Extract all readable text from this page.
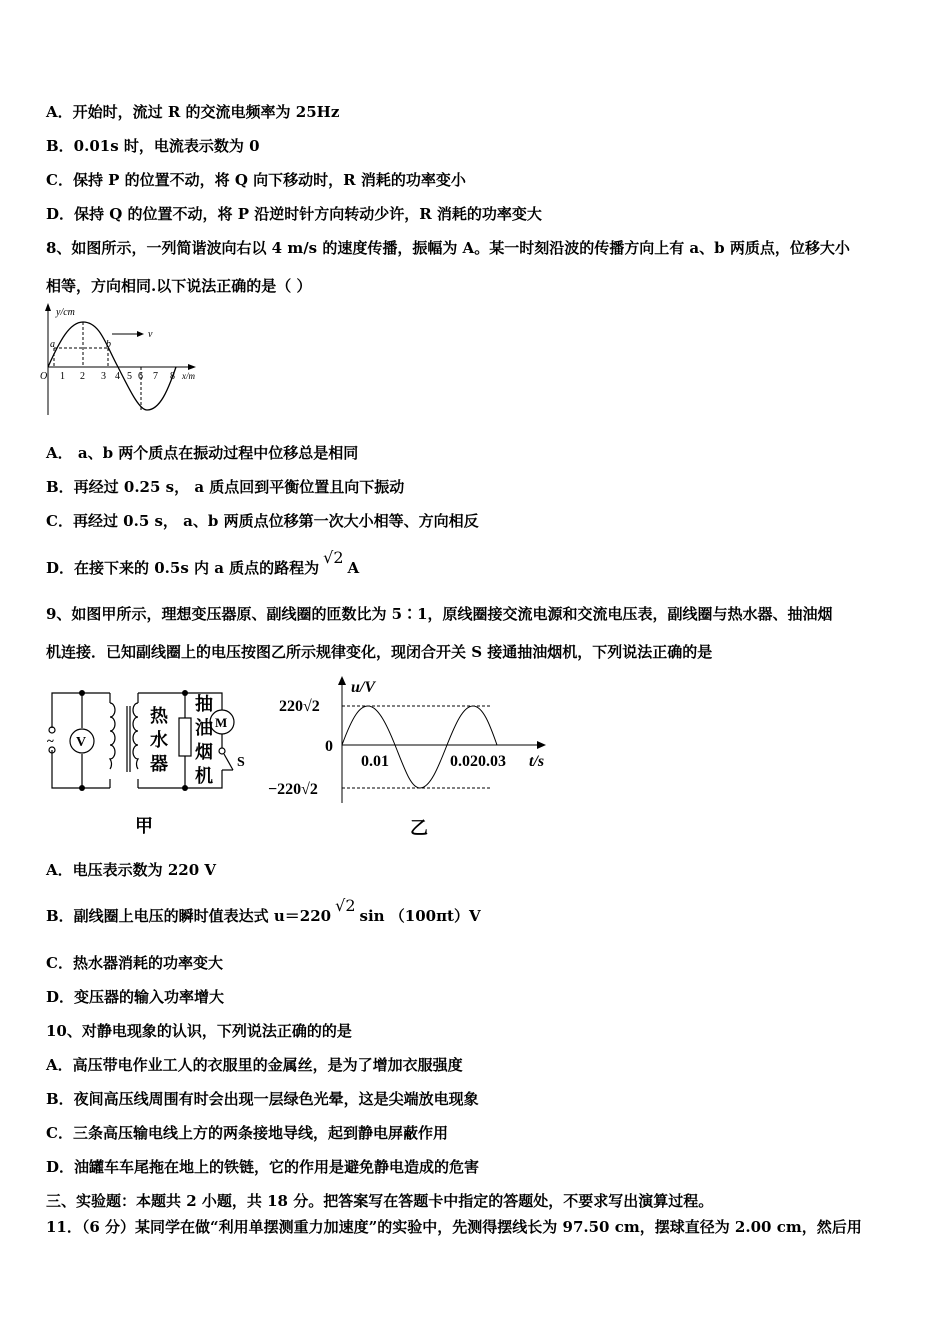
A．开始时，流过 R 的交流电频率为 25Hz
B．0.01s 时，电流表示数为 0
C．保持 P 的位置不动，将 Q 向下移动时，R 消耗的功率变小
D．保持 Q 的位置不动，将 P 沿逆时针方向转动少许，R 消耗的功率变大
8、如图所示，一列简谐波向右以 4 m/s 的速度传播，振幅为 A。某一时刻沿波的传播方向上有 a、b 两质点，位移大小
相等，方向相同.以下说法正确的是（ ）
y/cm
v
a	b
O 1 2 3 4 5 6 7 8 x/m
A． a、b 两个质点在振动过程中位移总是相同
B．再经过 0.25 s， a 质点回到平衡位置且向下振动
C．再经过 0.5 s， a、b 两质点位移第一次大小相等、方向相反
D．在接下来的 0.5s 内 a 质点的路程为√2A
9、如图甲所示，理想变压器原、副线圈的匝数比为 5∶1，原线圈接交流电源和交流电压表，副线圈与热水器、抽油烟
机连接．已知副线圈上的电压按图乙所示规律变化，现闭合开关 S 接通抽油烟机，下列说法正确的是
~ V
M
S
热
水
器
抽
油
烟
机
甲
u/V
220√2
0
−220√2
0.01	0.020.03 t/s
乙
A．电压表示数为 220 V
B．副线圈上电压的瞬时值表达式 u＝220√2sin （100πt）V
C．热水器消耗的功率变大
D．变压器的输入功率增大
10、对静电现象的认识，下列说法正确的的是
A．高压带电作业工人的衣服里的金属丝，是为了增加衣服强度
B．夜间高压线周围有时会出现一层绿色光晕，这是尖端放电现象
C．三条高压输电线上方的两条接地导线，起到静电屏蔽作用
D．油罐车车尾拖在地上的铁链，它的作用是避免静电造成的危害
三、实验题：本题共 2 小题，共 18 分。把答案写在答题卡中指定的答题处，不要求写出演算过程。
11．（6 分）某同学在做“利用单摆测重力加速度”的实验中，先测得摆线长为 97.50 cm，摆球直径为 2.00 cm，然后用
